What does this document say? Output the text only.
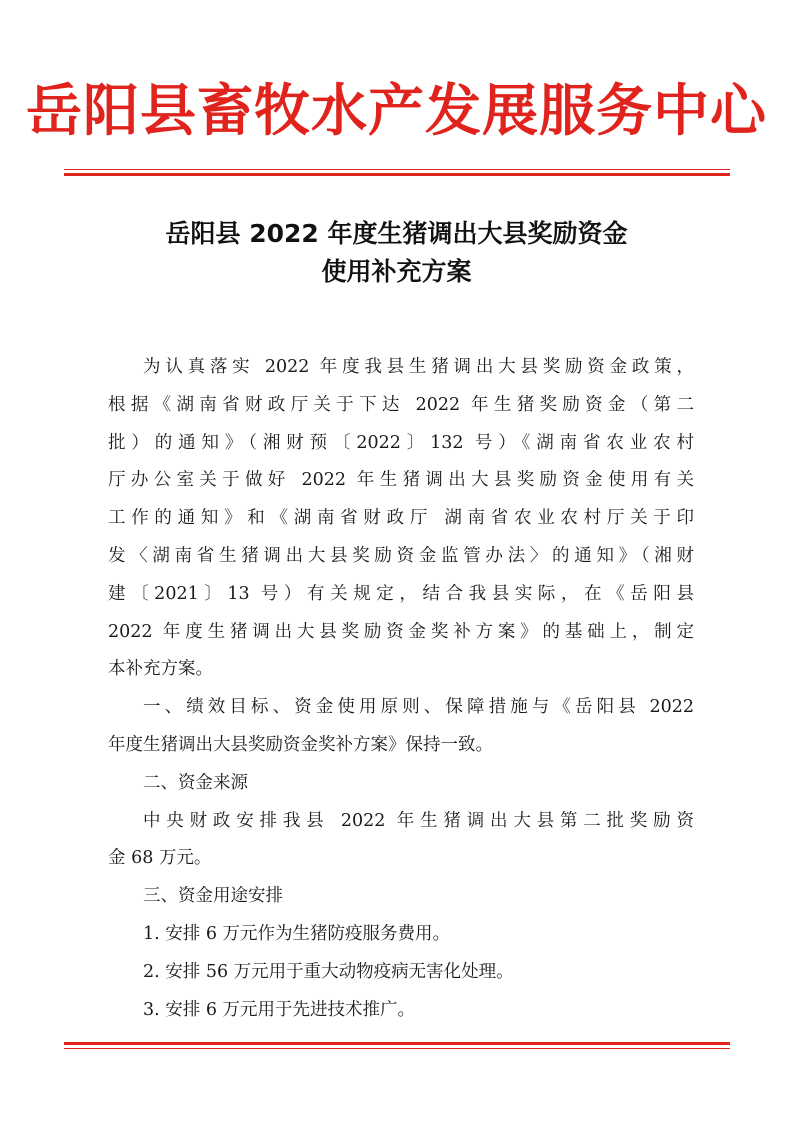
岳阳县畜牧水产发展服务中心
岳阳县 2022 年度生猪调出大县奖励资金
使用补充方案

为认真落实 2022 年度我县生猪调出大县奖励资金政策，
根据《湖南省财政厅关于下达 2022 年生猪奖励资金（第二
批）的通知》（湘财预〔2022〕132 号）《湖南省农业农村
厅办公室关于做好 2022 年生猪调出大县奖励资金使用有关
工作的通知》和《湖南省财政厅 湖南省农业农村厅关于印
发〈湖南省生猪调出大县奖励资金监管办法〉的通知》（湘财
建〔2021〕13 号）有关规定，结合我县实际，在《岳阳县
2022 年度生猪调出大县奖励资金奖补方案》的基础上，制定
本补充方案。

一、绩效目标、资金使用原则、保障措施与《岳阳县 2022
年度生猪调出大县奖励资金奖补方案》保持一致。

二、资金来源

中央财政安排我县 2022 年生猪调出大县第二批奖励资
金 68 万元。

三、资金用途安排

1. 安排 6 万元作为生猪防疫服务费用。
2. 安排 56 万元用于重大动物疫病无害化处理。
3. 安排 6 万元用于先进技术推广。
